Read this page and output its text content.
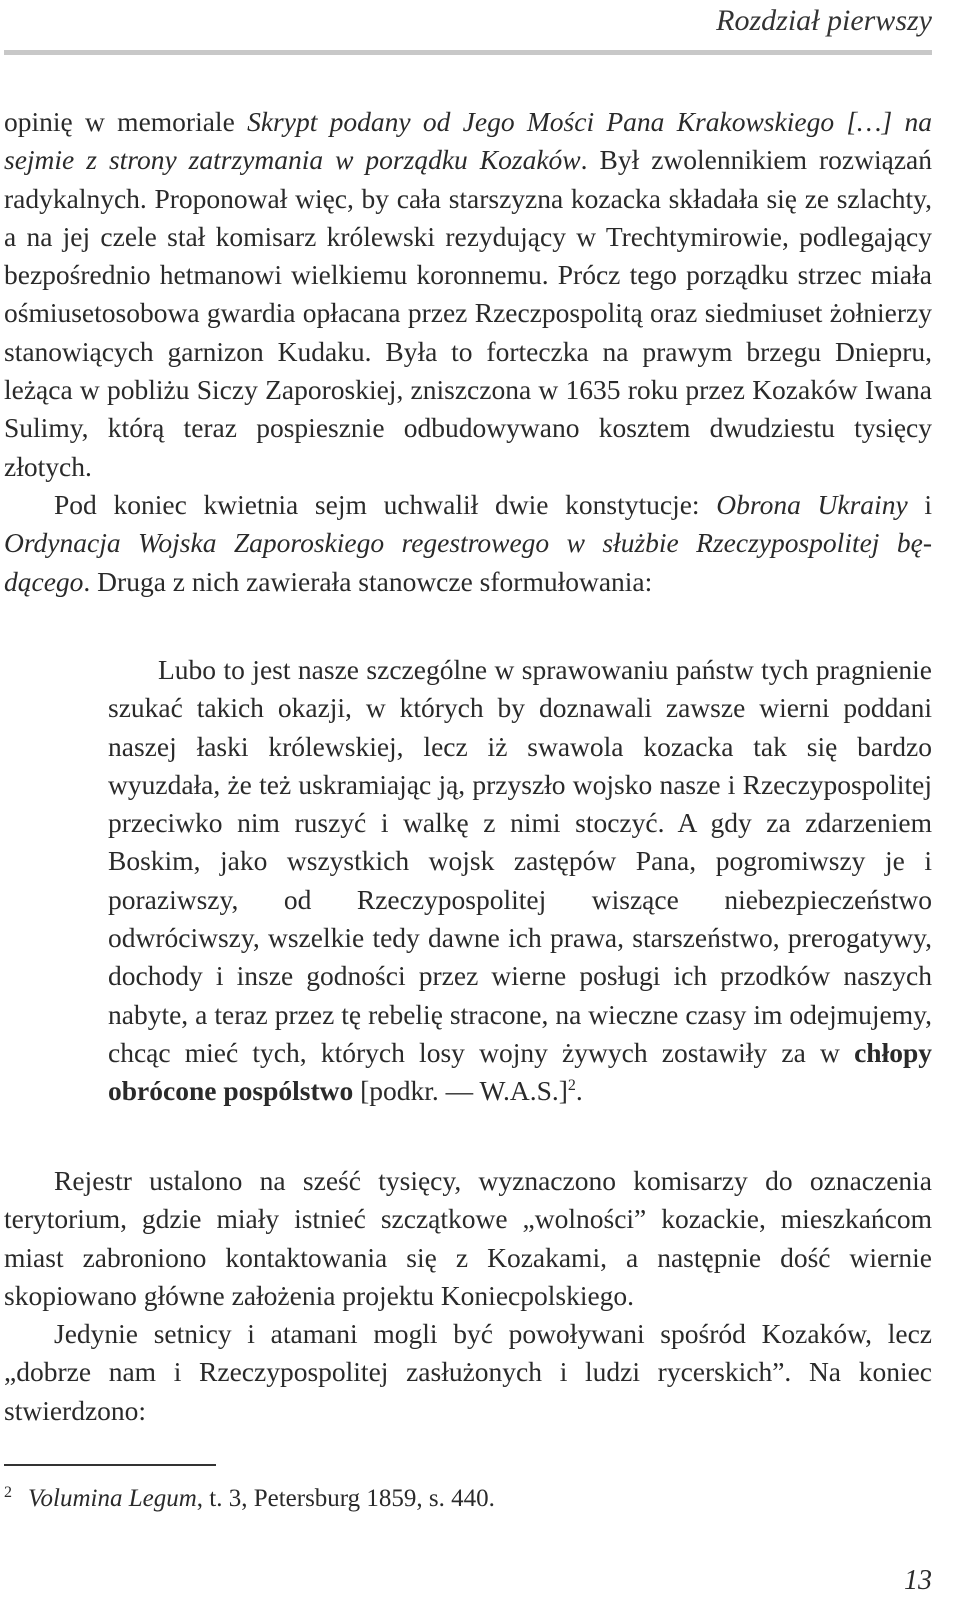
Rozdział pierwszy

opinię w memoriale Skrypt podany od Jego Mości Pana Krakowskiego […] na sejmie z strony zatrzymania w porządku Kozaków. Był zwolennikiem rozwiązań radykalnych. Proponował więc, by cała starszyzna kozacka składała się ze szlachty, a na jej czele stał komisarz królewski rezydujący w Trechtymirowie, podlegający bezpośrednio hetmanowi wielkiemu koronnemu. Prócz tego porządku strzec miała ośmiusetosobowa gwardia opłacana przez Rzeczpospolitą oraz siedmiuset żołnierzy stanowiących garnizon Kudaku. Była to forteczka na prawym brzegu Dniepru, leżąca w pobliżu Siczy Zaporoskiej, zniszczona w 1635 roku przez Kozaków Iwana Sulimy, którą teraz pospiesznie odbudowywano kosztem dwudziestu tysięcy złotych.

Pod koniec kwietnia sejm uchwalił dwie konstytucje: Obrona Ukrainy i Ordynacja Wojska Zaporoskiego regestrowego w służbie Rzeczypospolitej będącego. Druga z nich zawierała stanowcze sformułowania:

Lubo to jest nasze szczególne w sprawowaniu państw tych pragnienie szukać takich okazji, w których by doznawali zawsze wierni poddani naszej łaski królewskiej, lecz iż swawola kozacka tak się bardzo wyuzdała, że też uskramiając ją, przyszło wojsko nasze i Rzeczypospolitej przeciwko nim ruszyć i walkę z nimi stoczyć. A gdy za zdarzeniem Boskim, jako wszystkich wojsk zastępów Pana, pogromiwszy je i poraziwszy, od Rzeczypospolitej wiszące niebezpieczeństwo odwróciwszy, wszelkie tedy dawne ich prawa, starszeństwo, prerogatywy, dochody i insze godności przez wierne posługi ich przodków naszych nabyte, a teraz przez tę rebelię stracone, na wieczne czasy im odejmujemy, chcąc mieć tych, których losy wojny żywych zostawiły za w chłopy obrócone pospólstwo [podkr. — W.A.S.]$^2$.

Rejestr ustalono na sześć tysięcy, wyznaczono komisarzy do oznaczenia terytorium, gdzie miały istnieć szczątkowe „wolności” kozackie, mieszkańcom miast zabroniono kontaktowania się z Kozakami, a następnie dość wiernie skopiowano główne założenia projektu Koniecpolskiego.

Jedynie setnicy i atamani mogli być powoływani spośród Kozaków, lecz „dobrze nam i Rzeczypospolitej zasłużonych i ludzi rycerskich”. Na koniec stwierdzono:

$^2$ Volumina Legum, t. 3, Petersburg 1859, s. 440.
13
